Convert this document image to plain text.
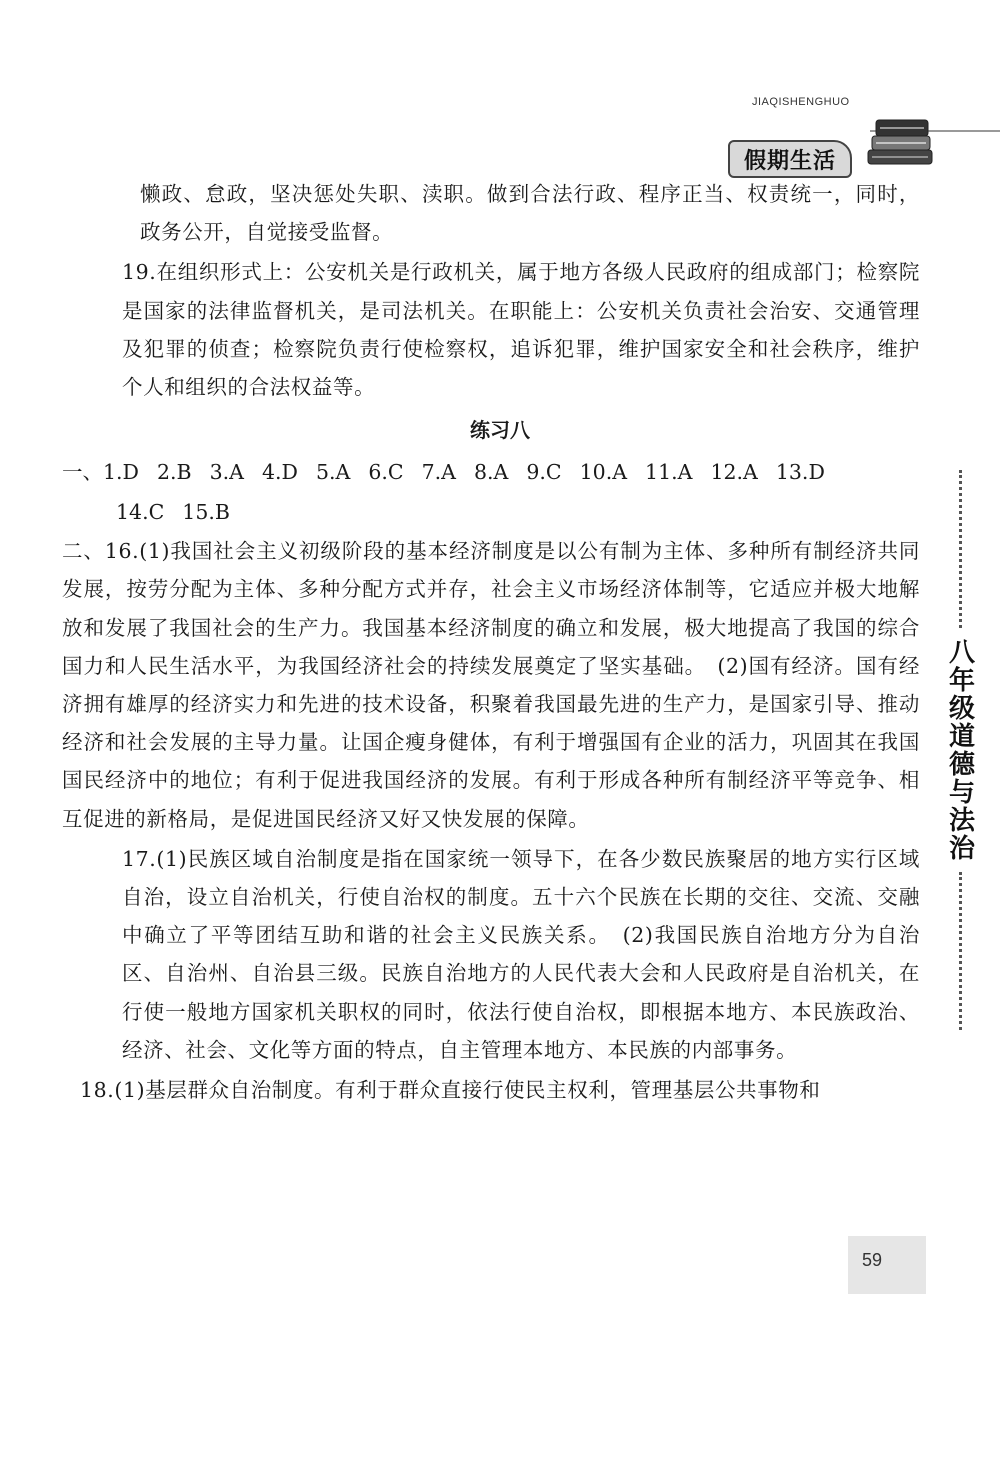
JIAQISHENGHUO
假期生活

懒政、怠政，坚决惩处失职、渎职。做到合法行政、程序正当、权责统一，同时，政务公开，自觉接受监督。

19.在组织形式上：公安机关是行政机关，属于地方各级人民政府的组成部门；检察院是国家的法律监督机关，是司法机关。在职能上：公安机关负责社会治安、交通管理及犯罪的侦查；检察院负责行使检察权，追诉犯罪，维护国家安全和社会秩序，维护个人和组织的合法权益等。

练习八
一、1.D 2.B 3.A 4.D 5.A 6.C 7.A 8.A 9.C 10.A 11.A 12.A 13.D
14.C 15.B

二、16.(1)我国社会主义初级阶段的基本经济制度是以公有制为主体、多种所有制经济共同发展，按劳分配为主体、多种分配方式并存，社会主义市场经济体制等，它适应并极大地解放和发展了我国社会的生产力。我国基本经济制度的确立和发展，极大地提高了我国的综合国力和人民生活水平，为我国经济社会的持续发展奠定了坚实基础。　(2)国有经济。国有经济拥有雄厚的经济实力和先进的技术设备，积聚着我国最先进的生产力，是国家引导、推动经济和社会发展的主导力量。让国企瘦身健体，有利于增强国有企业的活力，巩固其在我国国民经济中的地位；有利于促进我国经济的发展。有利于形成各种所有制经济平等竞争、相互促进的新格局，是促进国民经济又好又快发展的保障。

17.(1)民族区域自治制度是指在国家统一领导下，在各少数民族聚居的地方实行区域自治，设立自治机关，行使自治权的制度。五十六个民族在长期的交往、交流、交融中确立了平等团结互助和谐的社会主义民族关系。　(2)我国民族自治地方分为自治区、自治州、自治县三级。民族自治地方的人民代表大会和人民政府是自治机关，在行使一般地方国家机关职权的同时，依法行使自治权，即根据本地方、本民族政治、经济、社会、文化等方面的特点，自主管理本地方、本民族的内部事务。

18.(1)基层群众自治制度。有利于群众直接行使民主权利，管理基层公共事物和

八年级道德与法治
59
